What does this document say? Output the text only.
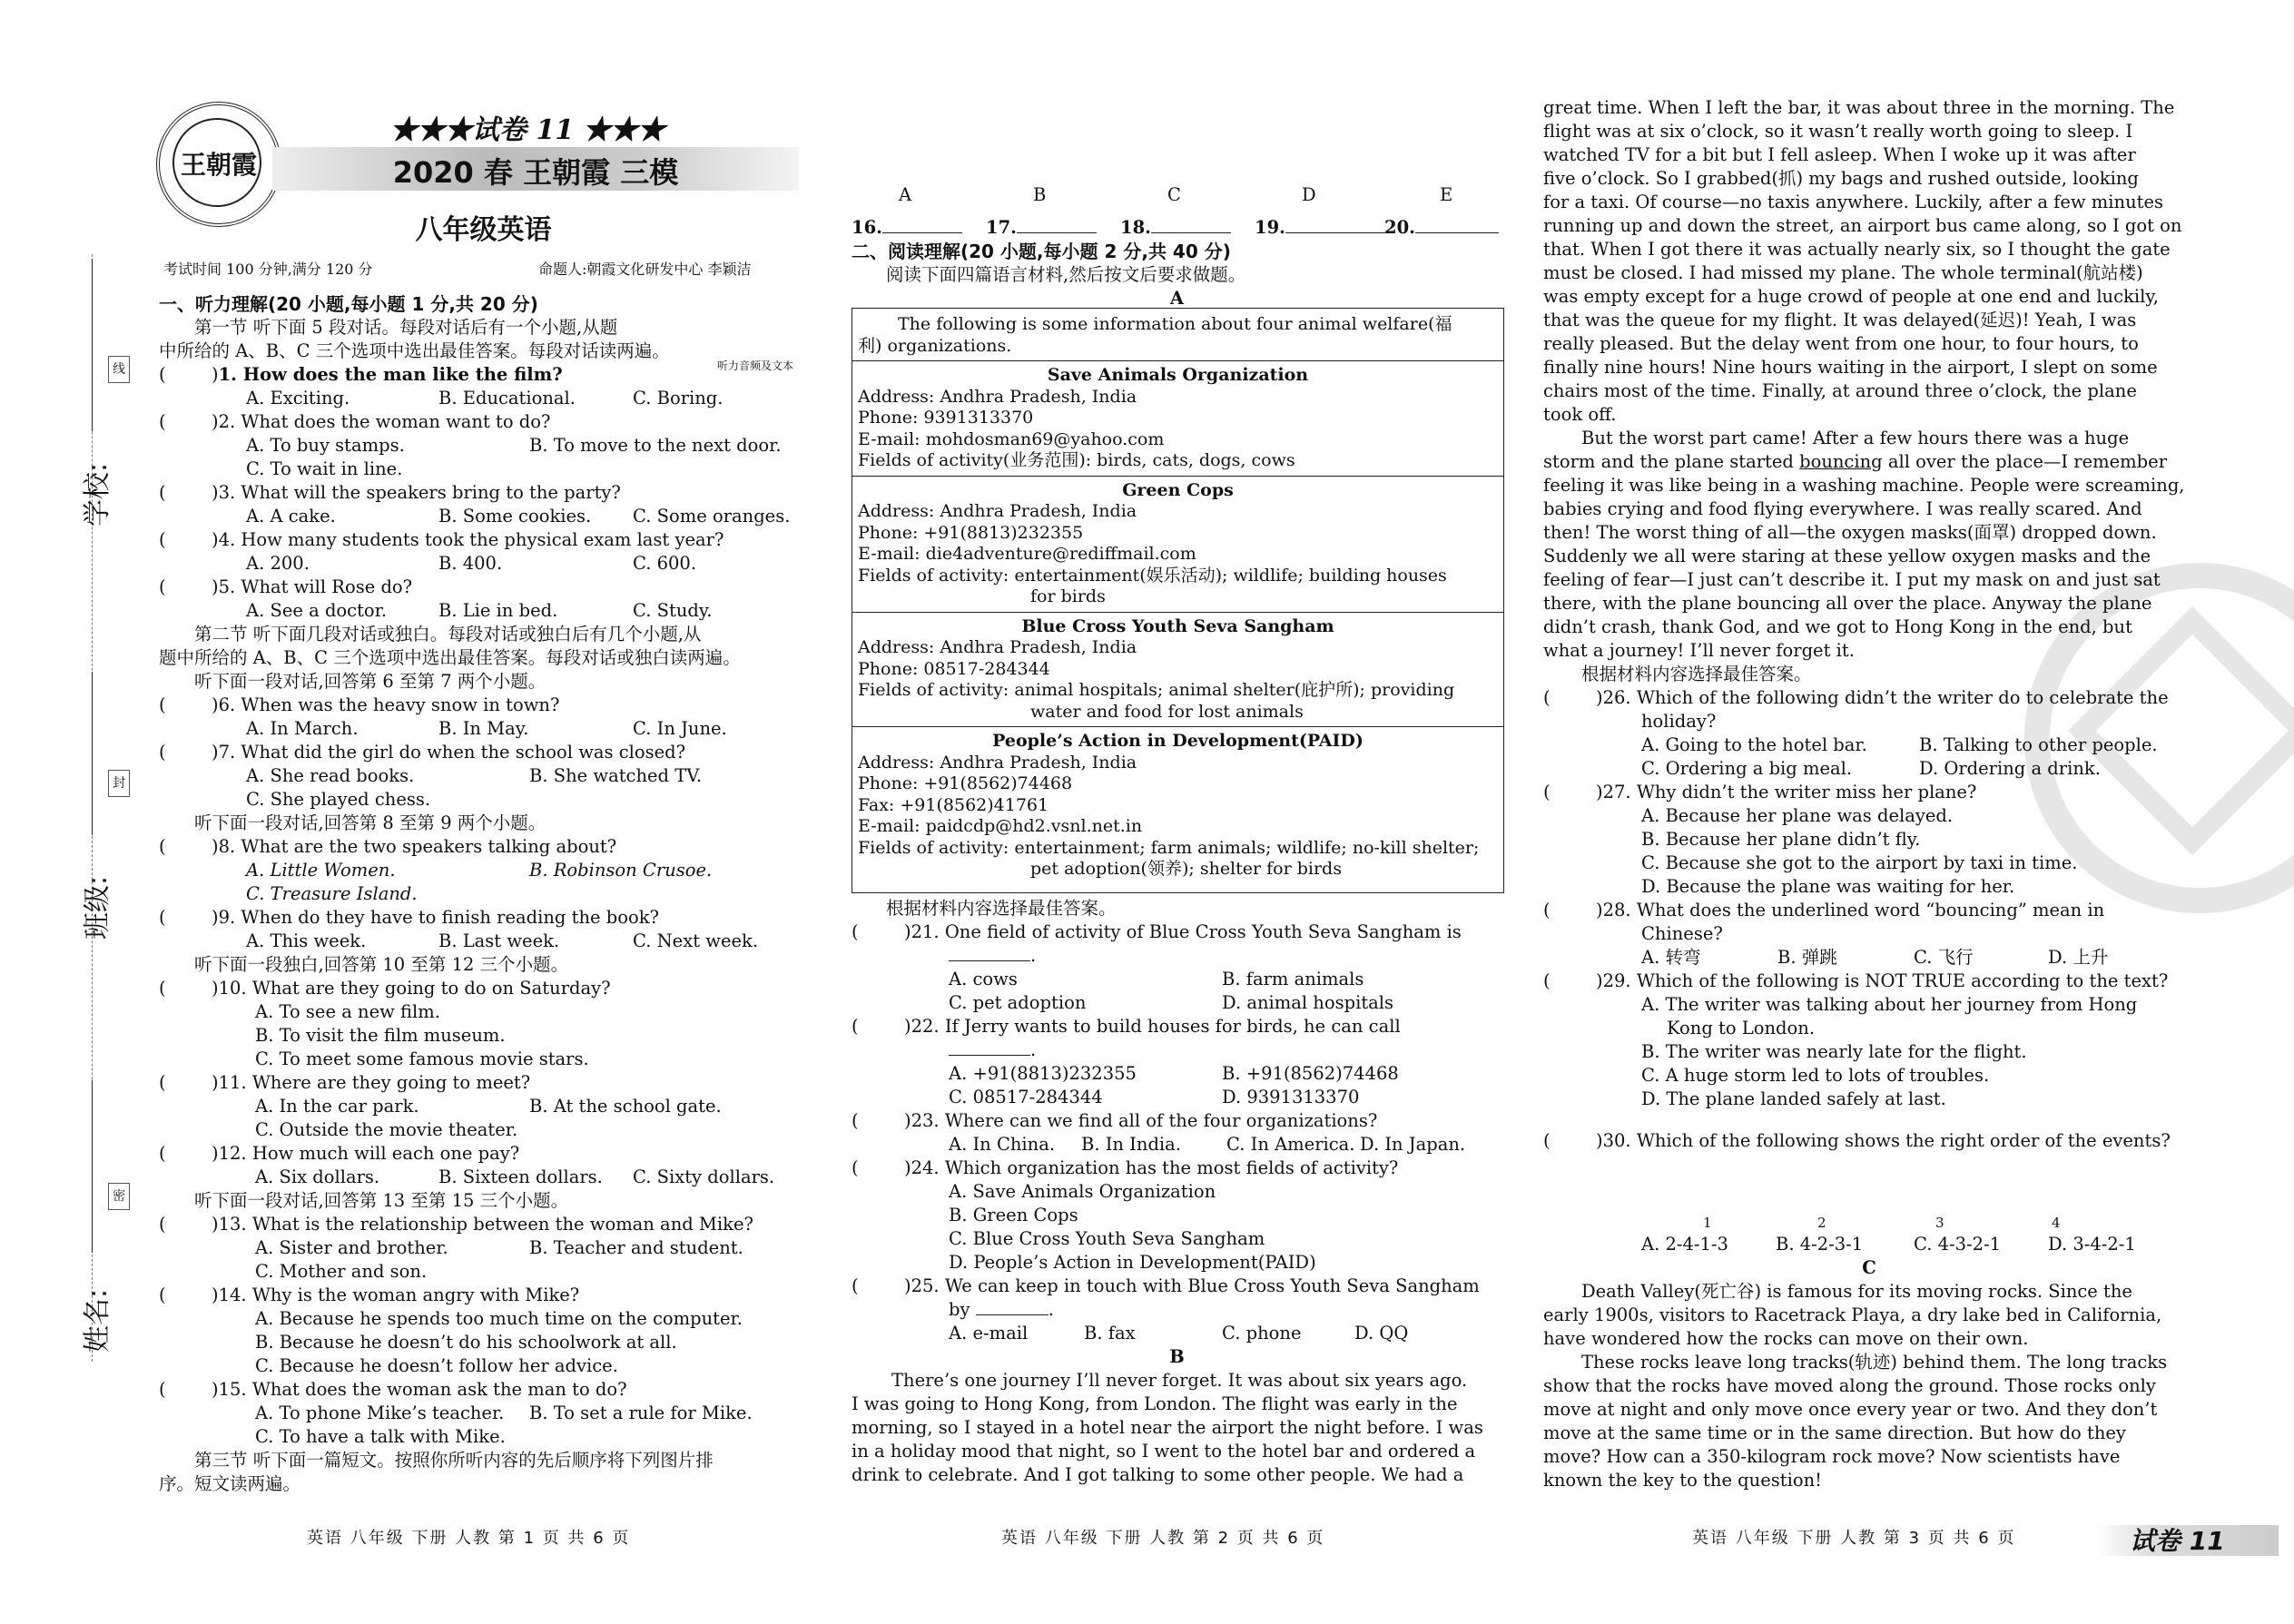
线
封
密
学校:
班级:
姓名:
王朝霞
★★★试卷 11 ★★★
2020 春 王朝霞 三模
八年级英语
考试时间 100 分钟,满分 120 分	命题人:朝霞文化研发中心 李颖洁
一、听力理解(20 小题,每小题 1 分,共 20 分)
第一节 听下面 5 段对话。每段对话后有一个小题,从题
中所给的 A、B、C 三个选项中选出最佳答案。每段对话读两遍。
听力音频及文本
(	)1. How does the man like the film?
A. Exciting.	B. Educational.	C. Boring.
(	)2. What does the woman want to do?
A. To buy stamps.	B. To move to the next door.
C. To wait in line.
(	)3. What will the speakers bring to the party?
A. A cake.	B. Some cookies. C. Some oranges.
(	)4. How many students took the physical exam last year?
A. 200.	B. 400.	C. 600.
(	)5. What will Rose do?
A. See a doctor.	B. Lie in bed.	C. Study.
第二节 听下面几段对话或独白。每段对话或独白后有几个小题,从
题中所给的 A、B、C 三个选项中选出最佳答案。每段对话或独白读两遍。
听下面一段对话,回答第 6 至第 7 两个小题。
(	)6. When was the heavy snow in town?
A. In March.	B. In May.	C. In June.
(	)7. What did the girl do when the school was closed?
A. She read books.	B. She watched TV.
C. She played chess.
听下面一段对话,回答第 8 至第 9 两个小题。
(	)8. What are the two speakers talking about?
A. Little Women.	B. Robinson Crusoe.
C. Treasure Island.
(	)9. When do they have to finish reading the book?
A. This week.	B. Last week.	C. Next week.
听下面一段独白,回答第 10 至第 12 三个小题。
(	)10. What are they going to do on Saturday?
A. To see a new film.
B. To visit the film museum.
C. To meet some famous movie stars.
(	)11. Where are they going to meet?
A. In the car park.	B. At the school gate.
C. Outside the movie theater.
(	)12. How much will each one pay?
A. Six dollars.	B. Sixteen dollars. C. Sixty dollars.
听下面一段对话,回答第 13 至第 15 三个小题。
(	)13. What is the relationship between the woman and Mike?
A. Sister and brother.	B. Teacher and student.
C. Mother and son.
(	)14. Why is the woman angry with Mike?
A. Because he spends too much time on the computer.
B. Because he doesn’t do his schoolwork at all.
C. Because he doesn’t follow her advice.
(	)15. What does the woman ask the man to do?
A. To phone Mike’s teacher. B. To set a rule for Mike.
C. To have a talk with Mike.
第三节 听下面一篇短文。按照你所听内容的先后顺序将下列图片排
序。短文读两遍。
英语 八年级 下册 人教 第 1 页 共 6 页
A	B	C	D	E
16.	17.	18.	19.	20.
二、阅读理解(20 小题,每小题 2 分,共 40 分)
阅读下面四篇语言材料,然后按文后要求做题。
A
The following is some information about four animal welfare(福
利) organizations.
Save Animals Organization
Address: Andhra Pradesh, India
Phone: 9391313370
E-mail: mohdosman69@yahoo.com
Fields of activity(业务范围): birds, cats, dogs, cows
Green Cops
Address: Andhra Pradesh, India
Phone: +91(8813)232355
E-mail: die4adventure@rediffmail.com
Fields of activity: entertainment(娱乐活动); wildlife; building houses
for birds
Blue Cross Youth Seva Sangham
Address: Andhra Pradesh, India
Phone: 08517-284344
Fields of activity: animal hospitals; animal shelter(庇护所); providing
water and food for lost animals
People’s Action in Development(PAID)
Address: Andhra Pradesh, India
Phone: +91(8562)74468
Fax: +91(8562)41761
E-mail: paidcdp@hd2.vsnl.net.in
Fields of activity: entertainment; farm animals; wildlife; no-kill shelter;
pet adoption(领养); shelter for birds
根据材料内容选择最佳答案。
(	)21. One field of activity of Blue Cross Youth Seva Sangham is
.
A. cows	B. farm animals
C. pet adoption	D. animal hospitals
(	)22. If Jerry wants to build houses for birds, he can call
.
A. +91(8813)232355	B. +91(8562)74468
C. 08517-284344	D. 9391313370
(	)23. Where can we find all of the four organizations?
A. In China. B. In India.	C. In America. D. In Japan.
(	)24. Which organization has the most fields of activity?
A. Save Animals Organization
B. Green Cops
C. Blue Cross Youth Seva Sangham
D. People’s Action in Development(PAID)
(	)25. We can keep in touch with Blue Cross Youth Seva Sangham
by	.
A. e-mail	B. fax	C. phone	D. QQ
B
There’s one journey I’ll never forget. It was about six years ago.
I was going to Hong Kong, from London. The flight was early in the
morning, so I stayed in a hotel near the airport the night before. I was
in a holiday mood that night, so I went to the hotel bar and ordered a
drink to celebrate. And I got talking to some other people. We had a
英语 八年级 下册 人教 第 2 页 共 6 页
great time. When I left the bar, it was about three in the morning. The
flight was at six o’clock, so it wasn’t really worth going to sleep. I
watched TV for a bit but I fell asleep. When I woke up it was after
five o’clock. So I grabbed(抓) my bags and rushed outside, looking
for a taxi. Of course—no taxis anywhere. Luckily, after a few minutes
running up and down the street, an airport bus came along, so I got on
that. When I got there it was actually nearly six, so I thought the gate
must be closed. I had missed my plane. The whole terminal(航站楼)
was empty except for a huge crowd of people at one end and luckily,
that was the queue for my flight. It was delayed(延迟)! Yeah, I was
really pleased. But the delay went from one hour, to four hours, to
finally nine hours! Nine hours waiting in the airport, I slept on some
chairs most of the time. Finally, at around three o’clock, the plane
took off.
But the worst part came! After a few hours there was a huge
storm and the plane started bouncing all over the place—I remember
feeling it was like being in a washing machine. People were screaming,
babies crying and food flying everywhere. I was really scared. And
then! The worst thing of all—the oxygen masks(面罩) dropped down.
Suddenly we all were staring at these yellow oxygen masks and the
feeling of fear—I just can’t describe it. I put my mask on and just sat
there, with the plane bouncing all over the place. Anyway the plane
didn’t crash, thank God, and we got to Hong Kong in the end, but
what a journey! I’ll never forget it.
根据材料内容选择最佳答案。
(	)26. Which of the following didn’t the writer do to celebrate the
holiday?
A. Going to the hotel bar.	B. Talking to other people.
C. Ordering a big meal.	D. Ordering a drink.
(	)27. Why didn’t the writer miss her plane?
A. Because her plane was delayed.
B. Because her plane didn’t fly.
C. Because she got to the airport by taxi in time.
D. Because the plane was waiting for her.
(	)28. What does the underlined word “bouncing” mean in
Chinese?
A. 转弯	B. 弹跳	C. 飞行	D. 上升
(	)29. Which of the following is NOT TRUE according to the text?
A. The writer was talking about her journey from Hong
Kong to London.
B. The writer was nearly late for the flight.
C. A huge storm led to lots of troubles.
D. The plane landed safely at last.
(	)30. Which of the following shows the right order of the events?
1	2	3	4
A. 2-4-1-3	B. 4-2-3-1	C. 4-3-2-1	D. 3-4-2-1
C
Death Valley(死亡谷) is famous for its moving rocks. Since the
early 1900s, visitors to Racetrack Playa, a dry lake bed in California,
have wondered how the rocks can move on their own.
These rocks leave long tracks(轨迹) behind them. The long tracks
show that the rocks have moved along the ground. Those rocks only
move at night and only move once every year or two. And they don’t
move at the same time or in the same direction. But how do they
move? How can a 350-kilogram rock move? Now scientists have
known the key to the question!
英语 八年级 下册 人教 第 3 页 共 6 页	试卷 11
